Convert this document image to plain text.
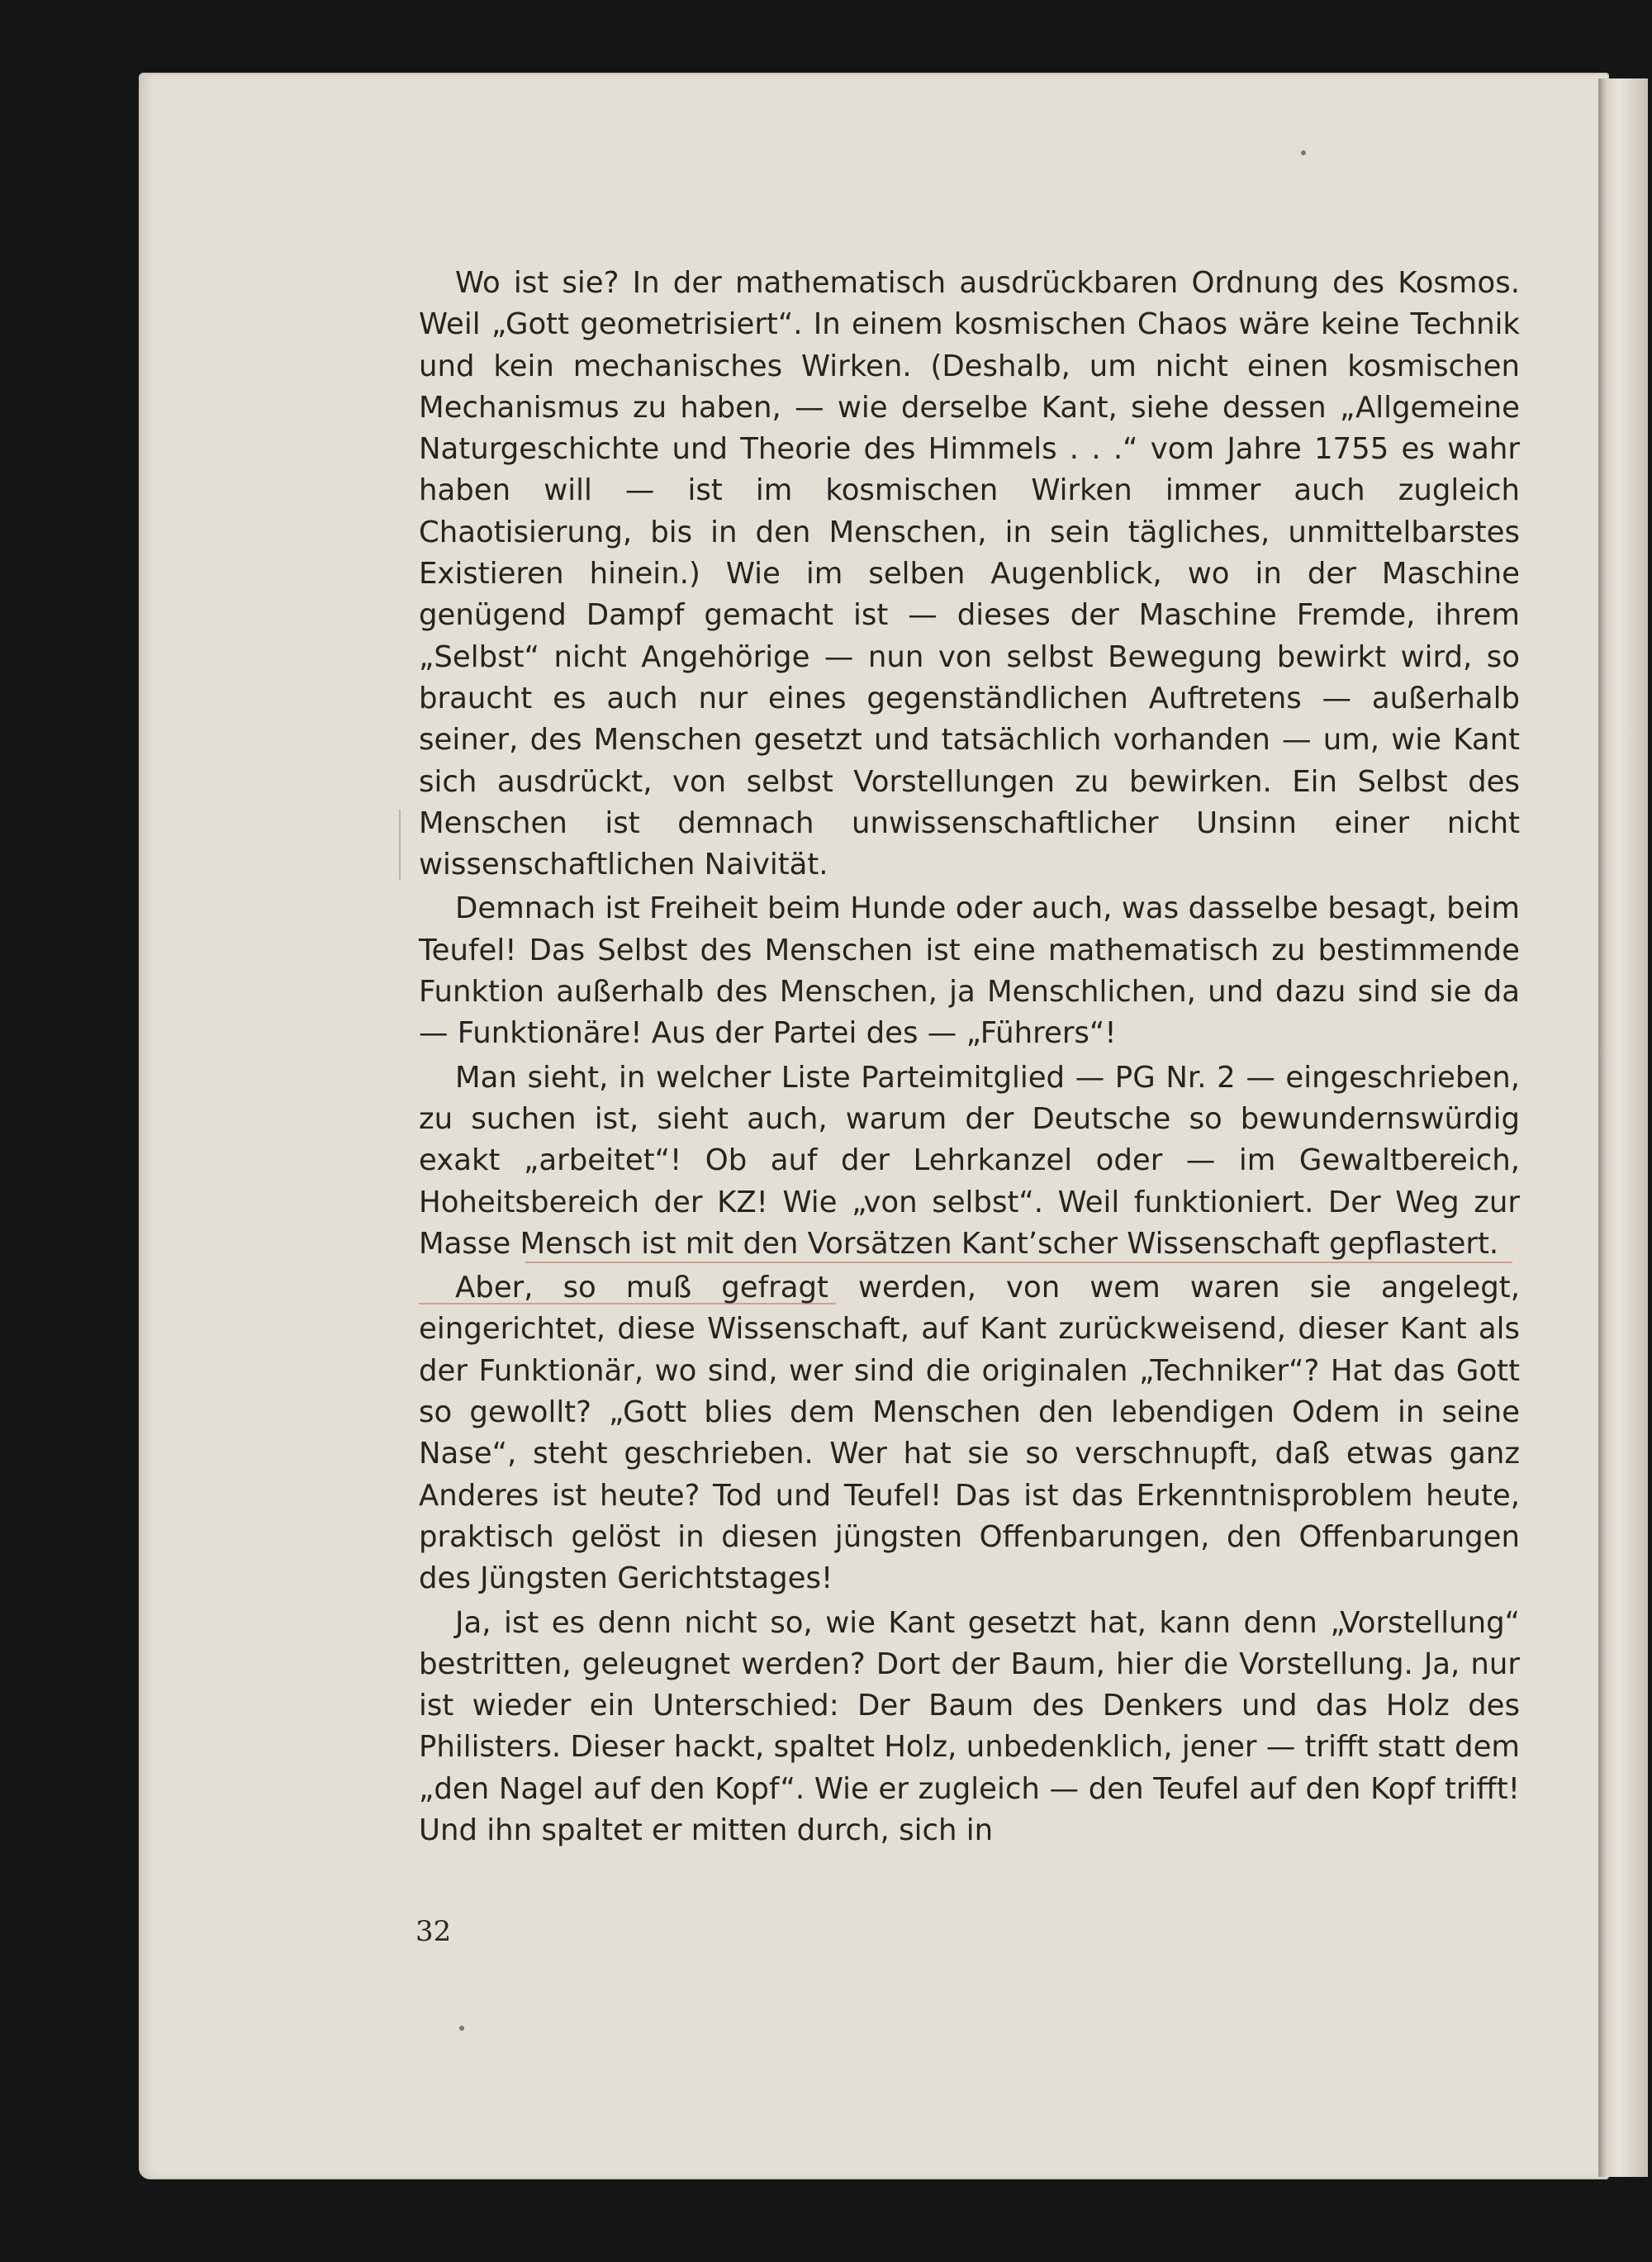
Wo ist sie? In der mathematisch ausdrückbaren Ordnung des Kosmos. Weil „Gott geometrisiert“. In einem kosmischen Chaos wäre keine Technik und kein mechanisches Wirken. (Deshalb, um nicht einen kosmischen Mechanismus zu haben, — wie derselbe Kant, siehe dessen „Allgemeine Naturgeschichte und Theorie des Himmels . . .“ vom Jahre 1755 es wahr haben will — ist im kosmischen Wirken immer auch zugleich Chaotisierung, bis in den Menschen, in sein tägliches, unmittelbarstes Existieren hinein.) Wie im selben Augenblick, wo in der Maschine genügend Dampf gemacht ist — dieses der Maschine Fremde, ihrem „Selbst“ nicht Angehörige — nun von selbst Bewegung bewirkt wird, so braucht es auch nur eines gegenständlichen Auftretens — außerhalb seiner, des Menschen gesetzt und tatsächlich vorhanden — um, wie Kant sich ausdrückt, von selbst Vorstellungen zu bewirken. Ein Selbst des Menschen ist demnach unwissenschaftlicher Unsinn einer nicht wissenschaftlichen Naivität.

Demnach ist Freiheit beim Hunde oder auch, was dasselbe besagt, beim Teufel! Das Selbst des Menschen ist eine mathematisch zu bestimmende Funktion außerhalb des Menschen, ja Menschlichen, und dazu sind sie da — Funktionäre! Aus der Partei des — „Führers“!

Man sieht, in welcher Liste Parteimitglied — PG Nr. 2 — eingeschrieben, zu suchen ist, sieht auch, warum der Deutsche so bewundernswürdig exakt „arbeitet“! Ob auf der Lehrkanzel oder — im Gewaltbereich, Hoheitsbereich der KZ! Wie „von selbst“. Weil funktioniert. Der Weg zur Masse Mensch ist mit den Vorsätzen Kant’scher Wissenschaft gepflastert.

Aber, so muß gefragt werden, von wem waren sie angelegt, eingerichtet, diese Wissenschaft, auf Kant zurückweisend, dieser Kant als der Funktionär, wo sind, wer sind die originalen „Techniker“? Hat das Gott so gewollt? „Gott blies dem Menschen den lebendigen Odem in seine Nase“, steht geschrieben. Wer hat sie so verschnupft, daß etwas ganz Anderes ist heute? Tod und Teufel! Das ist das Erkenntnisproblem heute, praktisch gelöst in diesen jüngsten Offenbarungen, den Offenbarungen des Jüngsten Gerichtstages!

Ja, ist es denn nicht so, wie Kant gesetzt hat, kann denn „Vorstellung“ bestritten, geleugnet werden? Dort der Baum, hier die Vorstellung. Ja, nur ist wieder ein Unterschied: Der Baum des Denkers und das Holz des Philisters. Dieser hackt, spaltet Holz, unbedenklich, jener — trifft statt dem „den Nagel auf den Kopf“. Wie er zugleich — den Teufel auf den Kopf trifft! Und ihn spaltet er mitten durch, sich in

32
